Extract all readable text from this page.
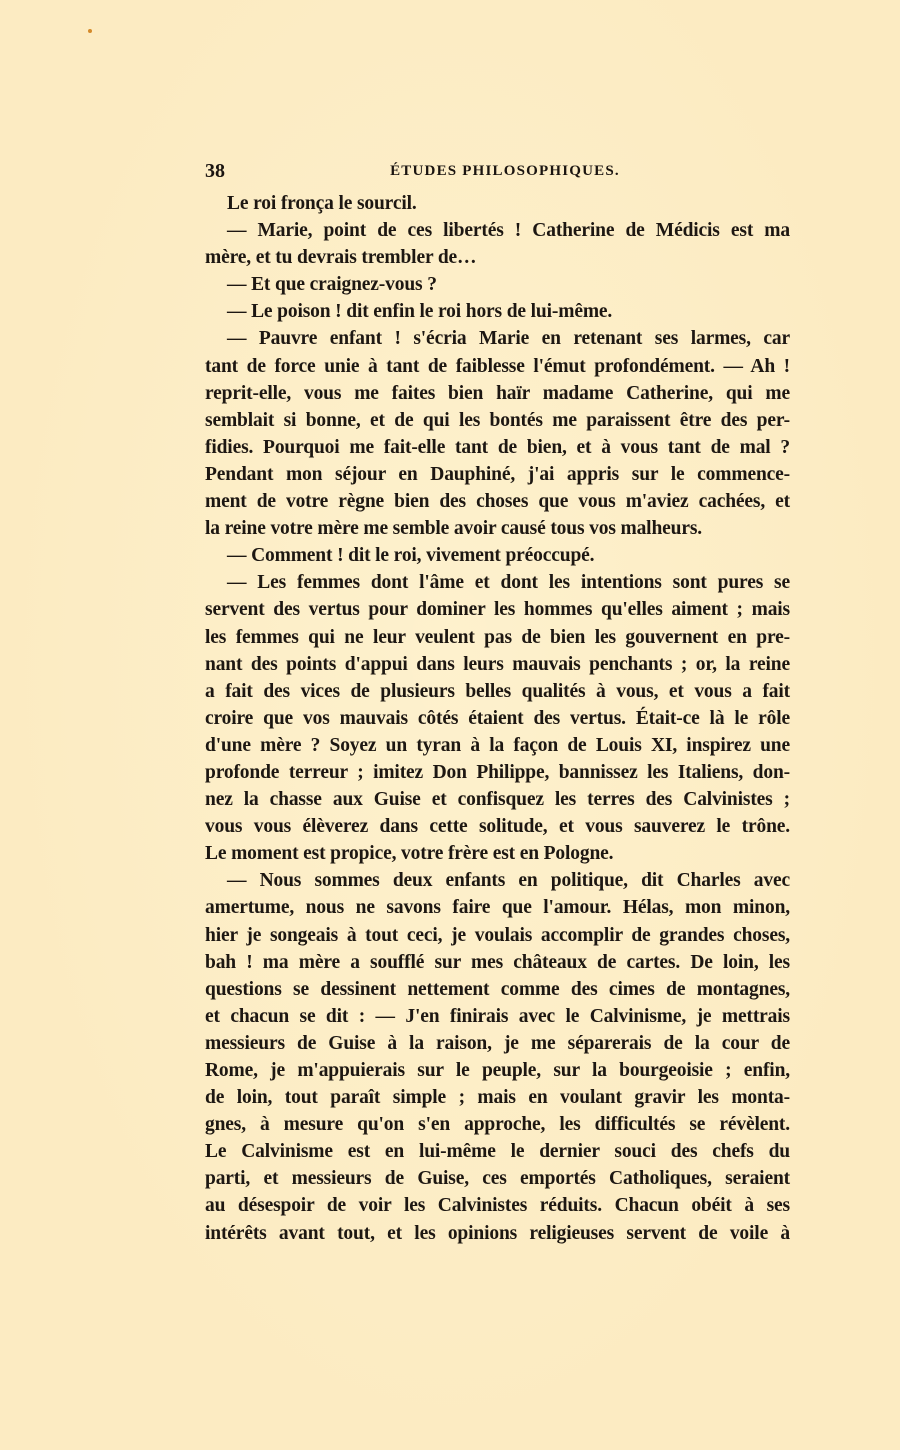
38	ÉTUDES PHILOSOPHIQUES.
Le roi fronça le sourcil.
— Marie, point de ces libertés ! Catherine de Médicis est ma
mère, et tu devrais trembler de…
— Et que craignez-vous ?
— Le poison ! dit enfin le roi hors de lui-même.
— Pauvre enfant ! s'écria Marie en retenant ses larmes, car
tant de force unie à tant de faiblesse l'émut profondément. — Ah !
reprit-elle, vous me faites bien haïr madame Catherine, qui me
semblait si bonne, et de qui les bontés me paraissent être des per-
fidies. Pourquoi me fait-elle tant de bien, et à vous tant de mal ?
Pendant mon séjour en Dauphiné, j'ai appris sur le commence-
ment de votre règne bien des choses que vous m'aviez cachées, et
la reine votre mère me semble avoir causé tous vos malheurs.
— Comment ! dit le roi, vivement préoccupé.
— Les femmes dont l'âme et dont les intentions sont pures se
servent des vertus pour dominer les hommes qu'elles aiment ; mais
les femmes qui ne leur veulent pas de bien les gouvernent en pre-
nant des points d'appui dans leurs mauvais penchants ; or, la reine
a fait des vices de plusieurs belles qualités à vous, et vous a fait
croire que vos mauvais côtés étaient des vertus. Était-ce là le rôle
d'une mère ? Soyez un tyran à la façon de Louis XI, inspirez une
profonde terreur ; imitez Don Philippe, bannissez les Italiens, don-
nez la chasse aux Guise et confisquez les terres des Calvinistes ;
vous vous élèverez dans cette solitude, et vous sauverez le trône.
Le moment est propice, votre frère est en Pologne.
— Nous sommes deux enfants en politique, dit Charles avec
amertume, nous ne savons faire que l'amour. Hélas, mon minon,
hier je songeais à tout ceci, je voulais accomplir de grandes choses,
bah ! ma mère a soufflé sur mes châteaux de cartes. De loin, les
questions se dessinent nettement comme des cimes de montagnes,
et chacun se dit : — J'en finirais avec le Calvinisme, je mettrais
messieurs de Guise à la raison, je me séparerais de la cour de
Rome, je m'appuierais sur le peuple, sur la bourgeoisie ; enfin,
de loin, tout paraît simple ; mais en voulant gravir les monta-
gnes, à mesure qu'on s'en approche, les difficultés se révèlent.
Le Calvinisme est en lui-même le dernier souci des chefs du
parti, et messieurs de Guise, ces emportés Catholiques, seraient
au désespoir de voir les Calvinistes réduits. Chacun obéit à ses
intérêts avant tout, et les opinions religieuses servent de voile à
